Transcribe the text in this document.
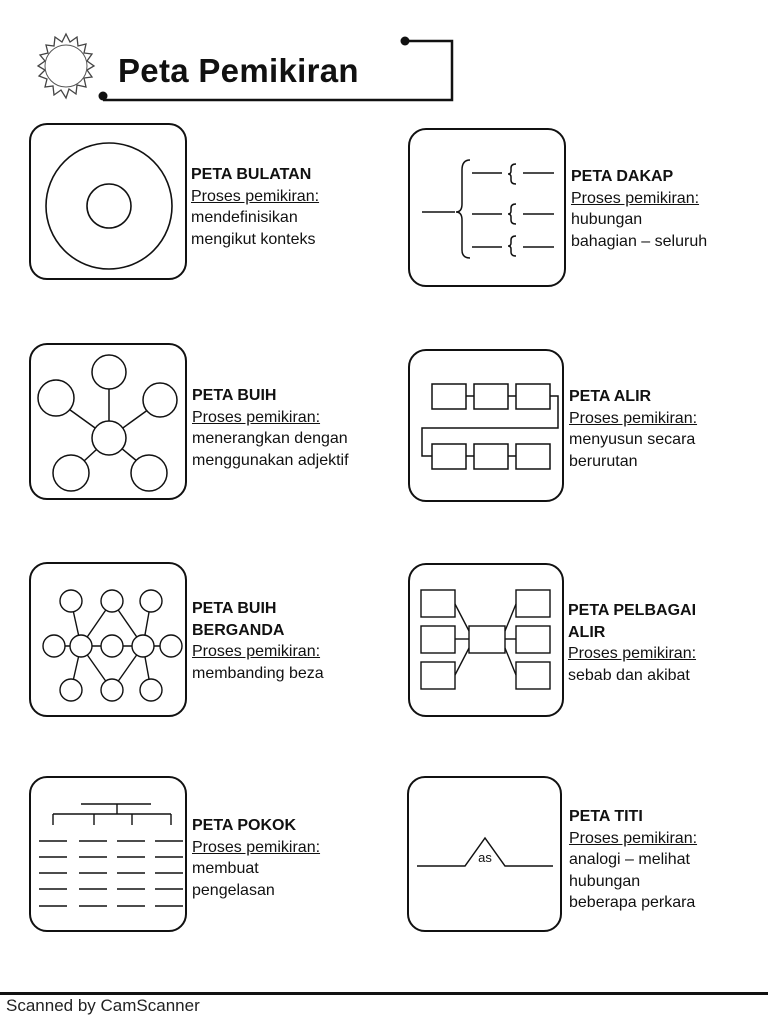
Peta Pemikiran
PETA BULATAN
Proses pemikiran:
mendefinisikan
mengikut konteks
PETA DAKAP
Proses pemikiran:
hubungan
bahagian – seluruh
PETA BUIH
Proses pemikiran:
menerangkan dengan
menggunakan adjektif
PETA ALIR
Proses pemikiran:
menyusun secara
berurutan
PETA BUIH
BERGANDA
Proses pemikiran:
membanding beza
PETA PELBAGAI
ALIR
Proses pemikiran:
sebab dan akibat
PETA POKOK
Proses pemikiran:
membuat
pengelasan
as
PETA TITI
Proses pemikiran:
analogi – melihat
hubungan
beberapa perkara
Scanned by CamScanner
